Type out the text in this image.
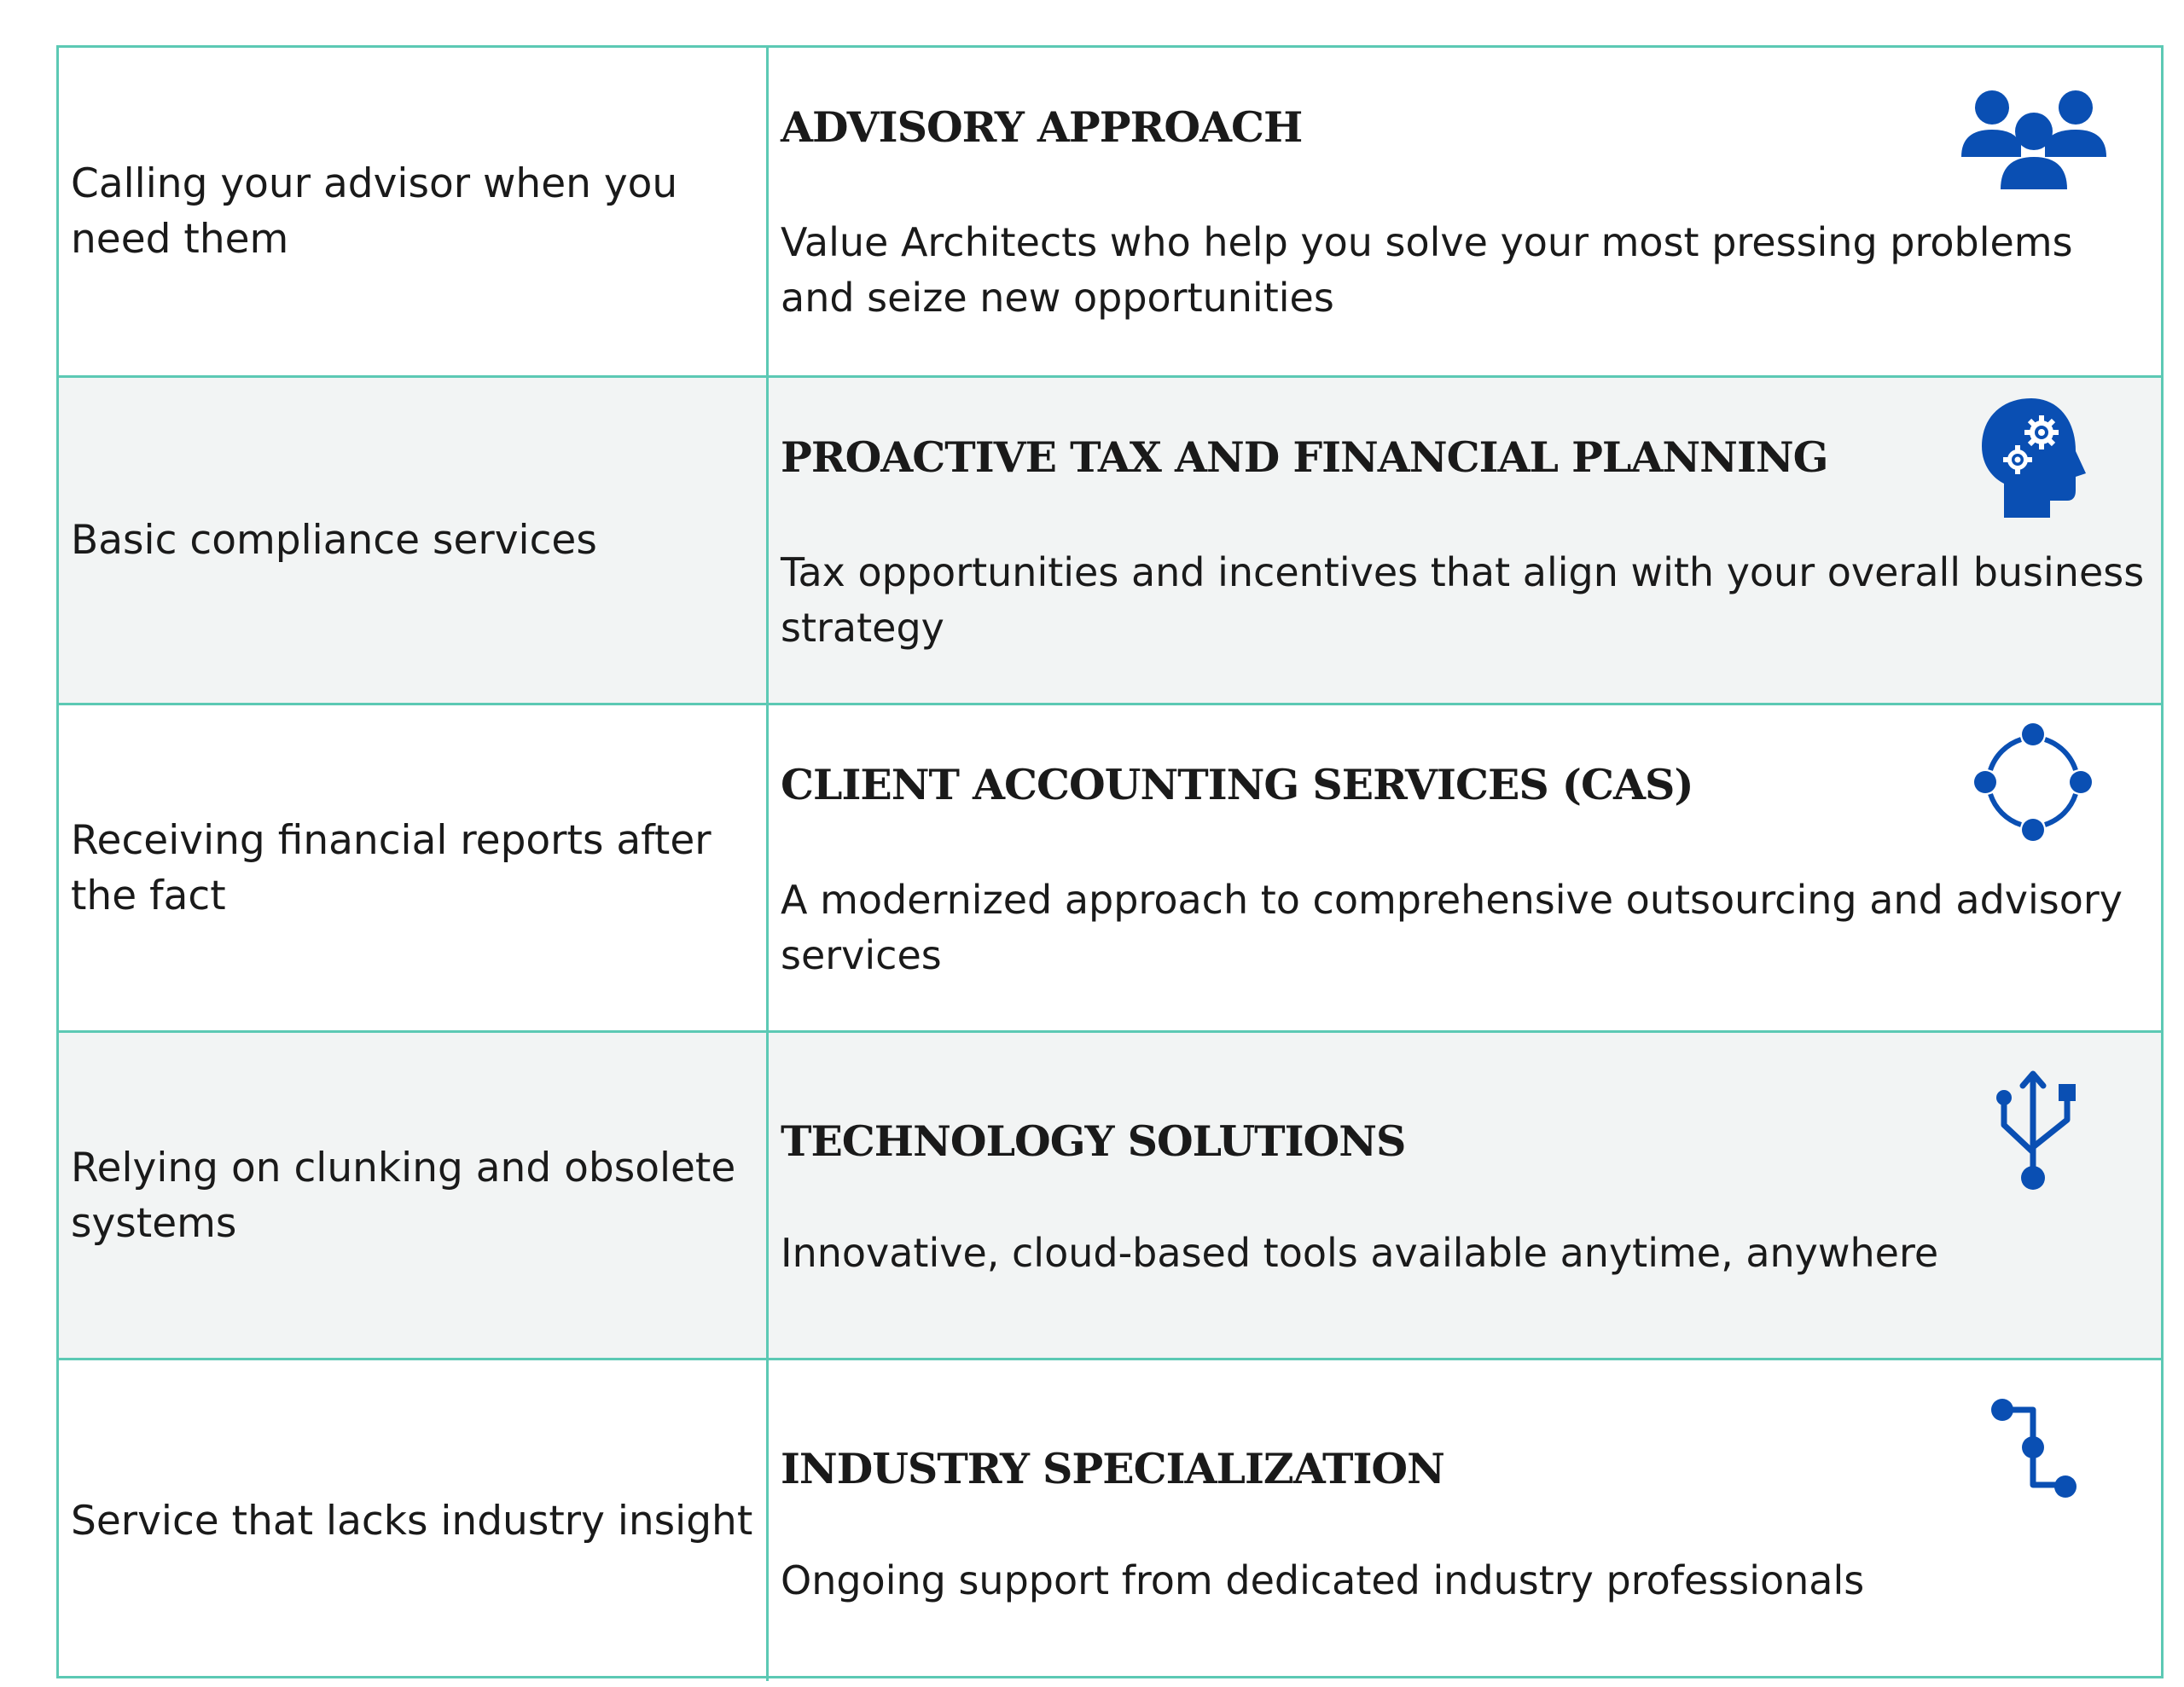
Calling your advisor when you need them
ADVISORY APPROACH
Value Architects who help you solve your most pressing problems and seize new opportunities
Basic compliance services
PROACTIVE TAX AND FINANCIAL PLANNING
Tax opportunities and incentives that align with your overall business strategy
Receiving financial reports after the fact
CLIENT ACCOUNTING SERVICES (CAS)
A modernized approach to comprehensive outsourcing and advisory services
Relying on clunking and obsolete systems
TECHNOLOGY SOLUTIONS
Innovative, cloud-based tools available anytime, anywhere
Service that lacks industry insight
INDUSTRY SPECIALIZATION
Ongoing support from dedicated industry professionals
